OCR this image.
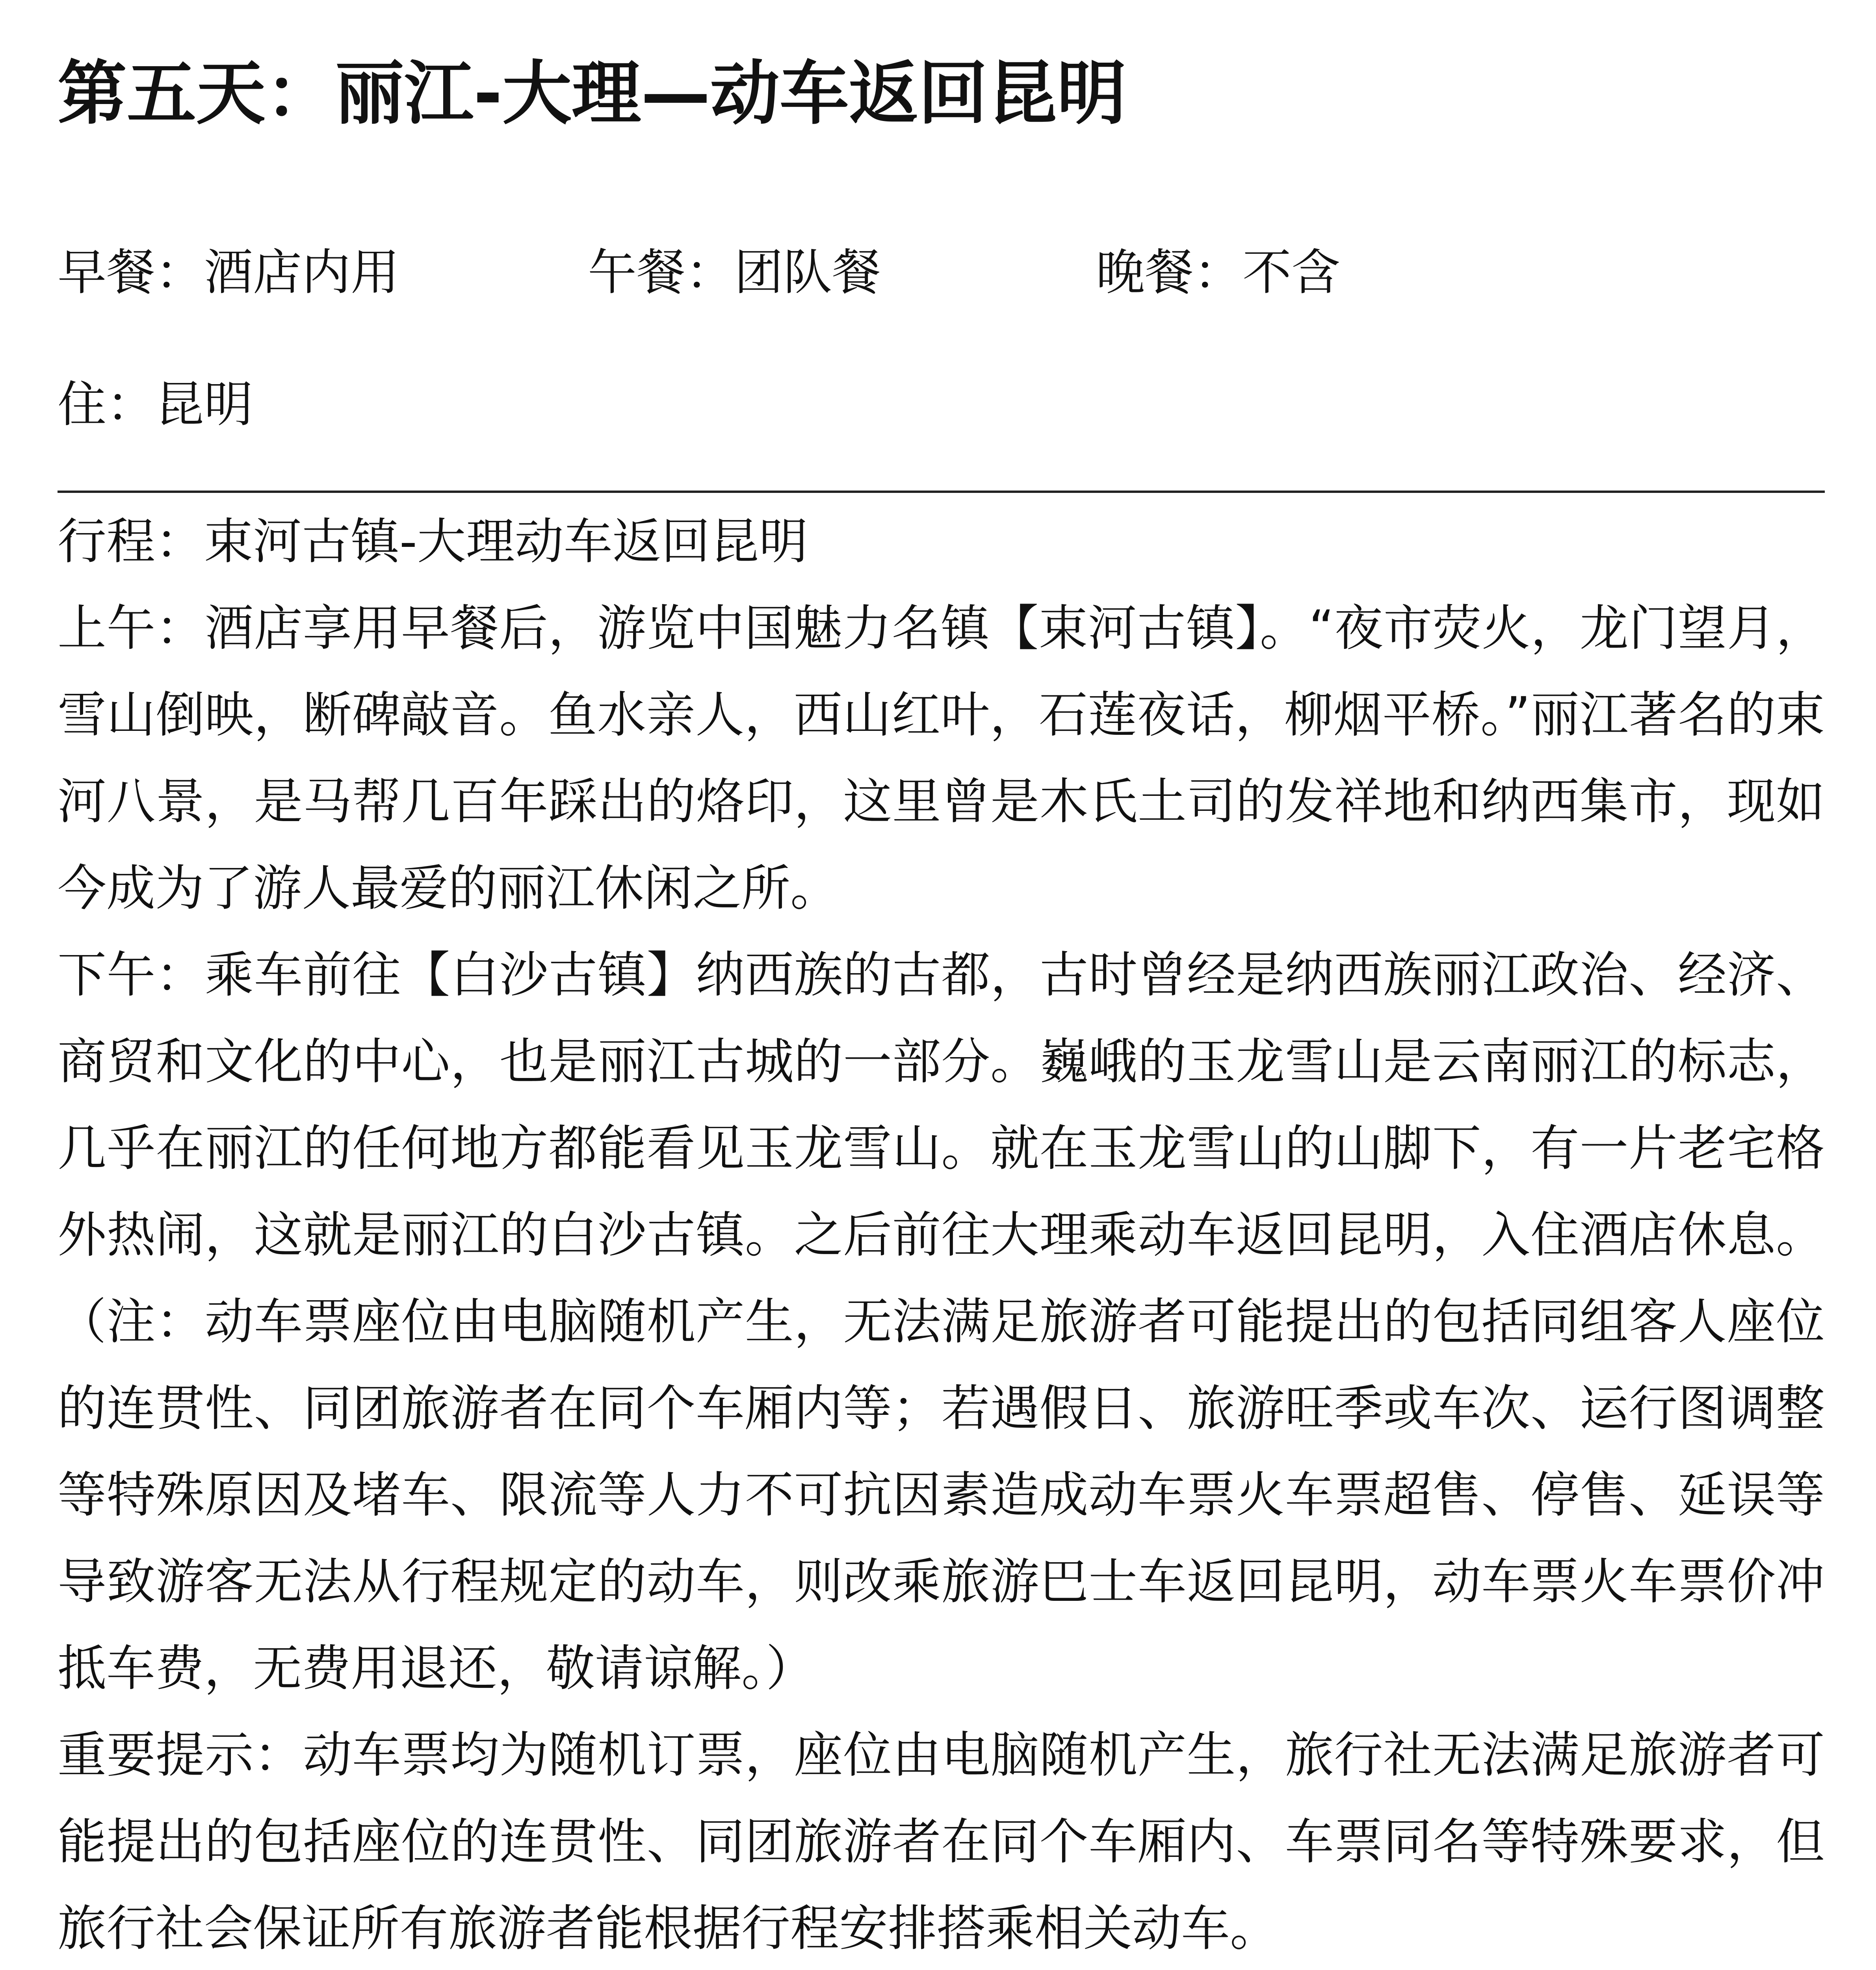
第五天：丽江-大理—动车返回昆明
早餐：酒店内用	午餐：团队餐	晚餐：不含
住：昆明

行程：束河古镇-大理动车返回昆明

上午：酒店享用早餐后，游览中国魅力名镇【束河古镇】。“夜市荧火，龙门望月，雪山倒映，断碑敲音。鱼水亲人，西山红叶，石莲夜话，柳烟平桥。”丽江著名的束河八景，是马帮几百年踩出的烙印，这里曾是木氏土司的发祥地和纳西集市，现如今成为了游人最爱的丽江休闲之所。

下午：乘车前往【白沙古镇】纳西族的古都，古时曾经是纳西族丽江政治、经济、商贸和文化的中心，也是丽江古城的一部分。巍峨的玉龙雪山是云南丽江的标志，几乎在丽江的任何地方都能看见玉龙雪山。就在玉龙雪山的山脚下，有一片老宅格外热闹，这就是丽江的白沙古镇。之后前往大理乘动车返回昆明，入住酒店休息。（注：动车票座位由电脑随机产生，无法满足旅游者可能提出的包括同组客人座位的连贯性、同团旅游者在同个车厢内等；若遇假日、旅游旺季或车次、运行图调整等特殊原因及堵车、限流等人力不可抗因素造成动车票火车票超售、停售、延误等导致游客无法从行程规定的动车，则改乘旅游巴士车返回昆明，动车票火车票价冲抵车费，无费用退还，敬请谅解。）

重要提示：动车票均为随机订票，座位由电脑随机产生，旅行社无法满足旅游者可能提出的包括座位的连贯性、同团旅游者在同个车厢内、车票同名等特殊要求，但旅行社会保证所有旅游者能根据行程安排搭乘相关动车。
